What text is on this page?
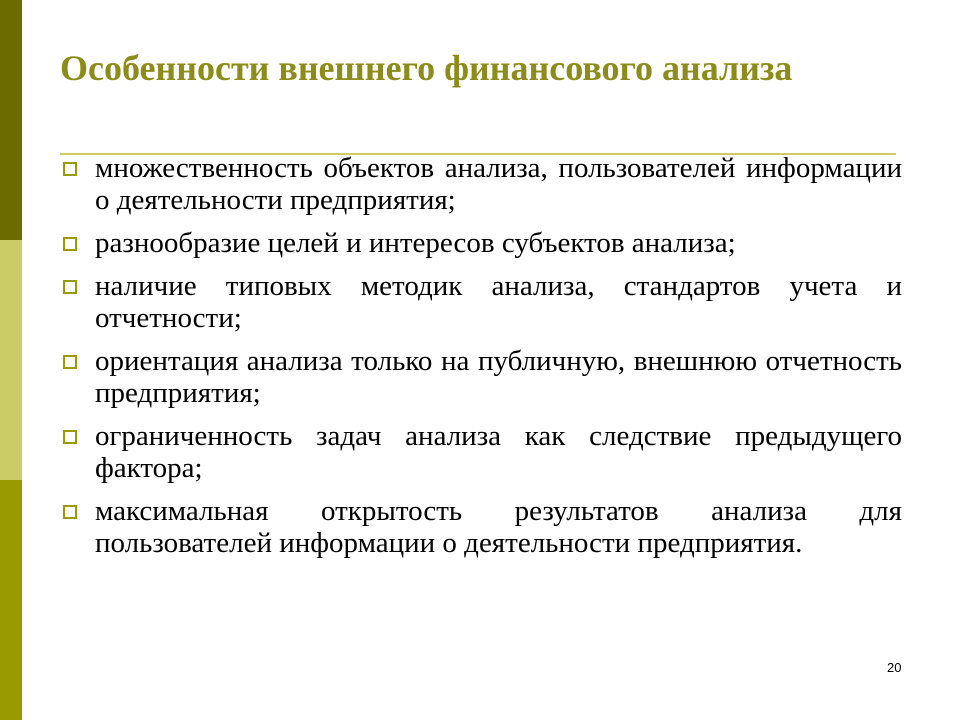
Особенности внешнего финансового анализа
множественность объектов анализа, пользователей информации о деятельности предприятия;
разнообразие целей и интересов субъектов анализа;
наличие типовых методик анализа, стандартов учета и отчетности;
ориентация анализа только на публичную, внешнюю отчетность предприятия;
ограниченность задач анализа как следствие предыдущего фактора;
максимальная открытость результатов анализа для пользователей информации о деятельности предприятия.
20
